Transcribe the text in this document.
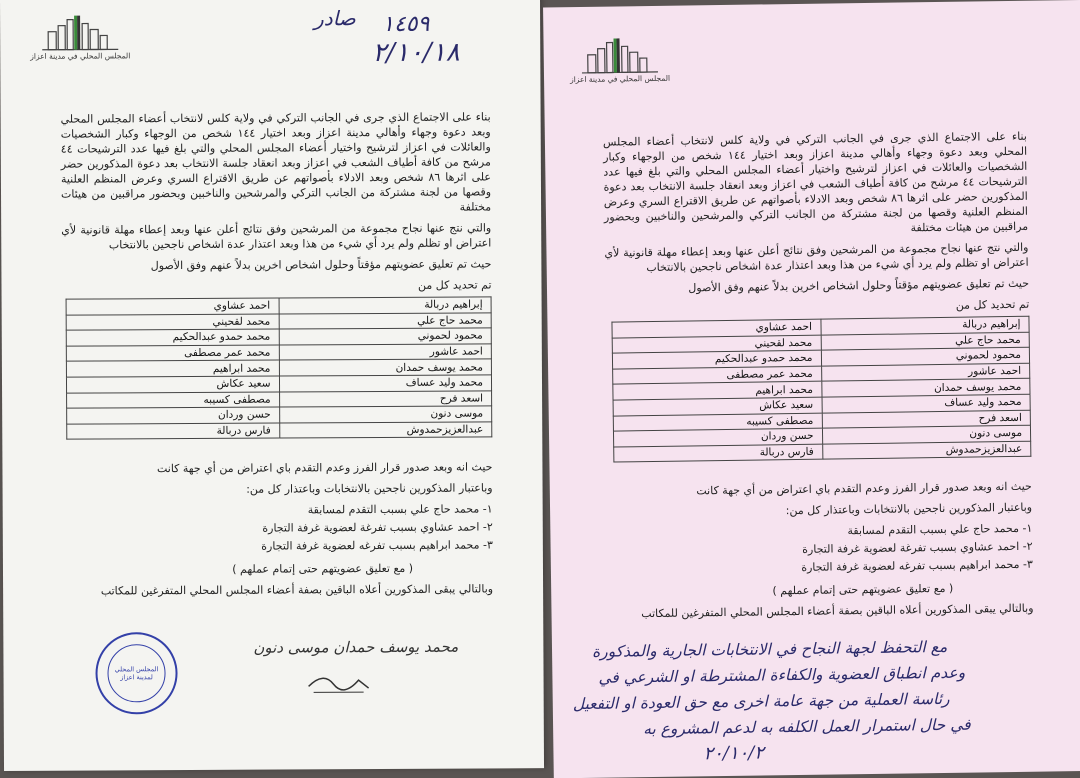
المجلس المحلي في مدينة اعزاز
١٤٥٩
صادر
٢/١٠/١٨

بناء على الاجتماع الذي جرى في الجانب التركي في ولاية كلس لانتخاب أعضاء المجلس المحلي وبعد دعوة وجهاء وأهالي مدينة اعزاز وبعد اختيار ١٤٤ شخص من الوجهاء وكبار الشخصيات والعائلات في اعزاز لترشيح واختيار أعضاء المجلس المحلي والتي بلغ فيها عدد الترشيحات ٤٤ مرشح من كافة أطياف الشعب في اعزاز وبعد انعقاد جلسة الانتخاب بعد دعوة المذكورين حضر على اثرها ٨٦ شخص وبعد الادلاء بأصواتهم عن طريق الاقتراع السري وعرض المنظم العلنية وقصها من لجنة مشتركة من الجانب التركي والمرشحين والناخبين وبحضور مراقبين من هيئات مختلفة

والتي نتج عنها نجاح مجموعة من المرشحين وفق نتائج أعلن عنها وبعد إعطاء مهلة قانونية لأي اعتراض او تظلم ولم يرد أي شيء من هذا وبعد اعتذار عدة اشخاص ناجحين بالانتخاب

حيث تم تعليق عضويتهم مؤقتاً وحلول اشخاص اخرين بدلاً عنهم وفق الأصول

تم تحديد كل من

إبراهيم دربالة	احمد عشاوي
محمد حاج علي	محمد لقحيني
محمود لحموني	محمد حمدو عبدالحكيم
احمد عاشور	محمد عمر مصطفى
محمد يوسف حمدان	محمد ابراهيم
محمد وليد عساف	سعيد عكاش
اسعد فرح	مصطفى كسيبه
موسى دنون	حسن وردان
عبدالعزيزحمدوش	فارس دربالة

حيث انه وبعد صدور قرار الفرز وعدم التقدم باي اعتراض من أي جهة كانت

وباعتبار المذكورين ناجحين بالانتخابات وباعتذار كل من:

١- محمد حاج علي بسبب التقدم لمسابقة
٢- احمد عشاوي بسبب تفرغة لعضوية غرفة التجارة
٣- محمد ابراهيم بسبب تفرغه لعضوية غرفة التجارة

( مع تعليق عضويتهم حتى إتمام عملهم )

وبالتالي يبقى المذكورين أعلاه الباقين بصفة أعضاء المجلس المحلي المتفرغين للمكاتب

محمد يوسف حمدان موسى دنون
المجلس المحلي لمدينة اعزاز
المجلس المحلي في مدينة اعزاز

بناء على الاجتماع الذي جرى في الجانب التركي في ولاية كلس لانتخاب أعضاء المجلس المحلي وبعد دعوة وجهاء وأهالي مدينة اعزاز وبعد اختيار ١٤٤ شخص من الوجهاء وكبار الشخصيات والعائلات في اعزاز لترشيح واختيار أعضاء المجلس المحلي والتي بلغ فيها عدد الترشيحات ٤٤ مرشح من كافة أطياف الشعب في اعزاز وبعد انعقاد جلسة الانتخاب بعد دعوة المذكورين حضر على اثرها ٨٦ شخص وبعد الادلاء بأصواتهم عن طريق الاقتراع السري وعرض المنظم العلنية وقصها من لجنة مشتركة من الجانب التركي والمرشحين والناخبين وبحضور مراقبين من هيئات مختلفة

والتي نتج عنها نجاح مجموعة من المرشحين وفق نتائج أعلن عنها وبعد إعطاء مهلة قانونية لأي اعتراض او تظلم ولم يرد أي شيء من هذا وبعد اعتذار عدة اشخاص ناجحين بالانتخاب

حيث تم تعليق عضويتهم مؤقتاً وحلول اشخاص اخرين بدلاً عنهم وفق الأصول

تم تحديد كل من

إبراهيم دربالة	احمد عشاوي
محمد حاج علي	محمد لقحيني
محمود لحموني	محمد حمدو عبدالحكيم
احمد عاشور	محمد عمر مصطفى
محمد يوسف حمدان	محمد ابراهيم
محمد وليد عساف	سعيد عكاش
اسعد فرح	مصطفى كسيبه
موسى دنون	حسن وردان
عبدالعزيزحمدوش	فارس دربالة

حيث انه وبعد صدور قرار الفرز وعدم التقدم باي اعتراض من أي جهة كانت

وباعتبار المذكورين ناجحين بالانتخابات وباعتذار كل من:

١- محمد حاج علي بسبب التقدم لمسابقة
٢- احمد عشاوي بسبب تفرغة لعضوية غرفة التجارة
٣- محمد ابراهيم بسبب تفرغه لعضوية غرفة التجارة

( مع تعليق عضويتهم حتى إتمام عملهم )

وبالتالي يبقى المذكورين أعلاه الباقين بصفة أعضاء المجلس المحلي المتفرغين للمكاتب

مع التحفظ لجهة النجاح في الانتخابات الجارية والمذكورة
وعدم انطباق العضوية والكفاءة المشترطة او الشرعي في
رئاسة العملية من جهة عامة اخرى مع حق العودة او التفعيل
في حال استمرار العمل الكلفه به لدعم المشروع به
٢٠/١٠/٢
